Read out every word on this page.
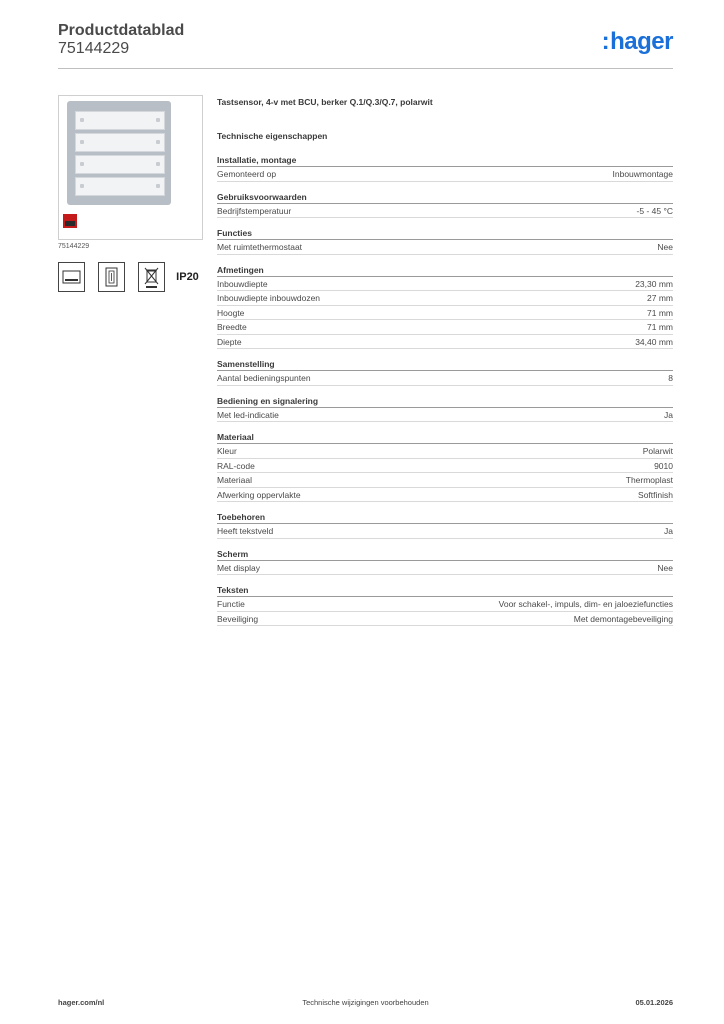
Productdatablad
75144229	:hager
75144229
IP20
Tastsensor, 4-v met BCU, berker Q.1/Q.3/Q.7, polarwit
Technische eigenschappen
Installatie, montage
Gemonteerd op	Inbouwmontage
Gebruiksvoorwaarden
Bedrijfstemperatuur	-5 - 45 °C
Functies
Met ruimtethermostaat	Nee
Afmetingen
Inbouwdiepte	23,30 mm
Inbouwdiepte inbouwdozen	27 mm
Hoogte	71 mm
Breedte	71 mm
Diepte	34,40 mm
Samenstelling
Aantal bedieningspunten	8
Bediening en signalering
Met led-indicatie	Ja
Materiaal
Kleur	Polarwit
RAL-code	9010
Materiaal	Thermoplast
Afwerking oppervlakte	Softfinish
Toebehoren
Heeft tekstveld	Ja
Scherm
Met display	Nee
Teksten
Functie	Voor schakel-, impuls, dim- en jaloeziefuncties
Beveiliging	Met demontagebeveiliging
hager.com/nl	Technische wijzigingen voorbehouden	05.01.2026
